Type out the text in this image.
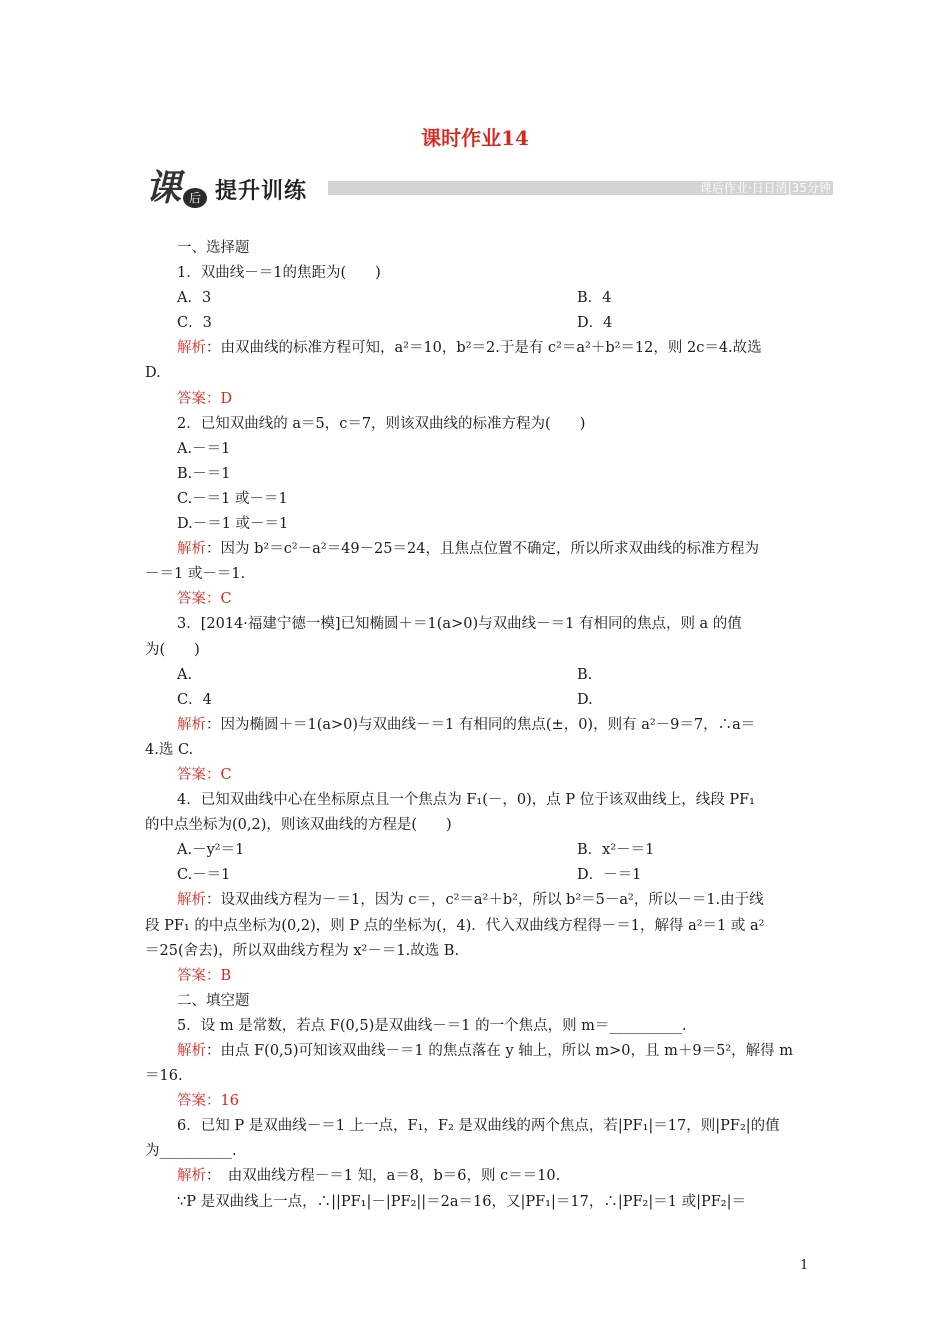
课时作业14
课 后 提升训练	课后作业·日日清|35分钟
一、选择题
1．双曲线－＝1的焦距为(　　)
A．3	B．4
C．3	D．4
解析：由双曲线的标准方程可知，a²＝10，b²＝2.于是有 c²＝a²＋b²＝12，则 2c＝4.故选
D.
答案：D
2．已知双曲线的 a＝5，c＝7，则该双曲线的标准方程为(　　)
A.－＝1
B.－＝1
C.－＝1 或－＝1
D.－＝1 或－＝1
解析：因为 b²＝c²－a²＝49－25＝24，且焦点位置不确定，所以所求双曲线的标准方程为
－＝1 或－＝1.
答案：C
3．[2014·福建宁德一模]已知椭圆＋＝1(a>0)与双曲线－＝1 有相同的焦点，则 a 的值
为(　　)
A.	B.
C．4	D.
解析：因为椭圆＋＝1(a>0)与双曲线－＝1 有相同的焦点(±，0)，则有 a²－9＝7，∴a＝
4.选 C.
答案：C
4．已知双曲线中心在坐标原点且一个焦点为 F₁(－，0)，点 P 位于该双曲线上，线段 PF₁
的中点坐标为(0,2)，则该双曲线的方程是(　　)
A.－y²＝1	B．x²－＝1
C.－＝1	D．－＝1
解析：设双曲线方程为－＝1，因为 c＝，c²＝a²＋b²，所以 b²＝5－a²，所以－＝1.由于线
段 PF₁ 的中点坐标为(0,2)，则 P 点的坐标为(，4)．代入双曲线方程得－＝1，解得 a²＝1 或 a²
＝25(舍去)，所以双曲线方程为 x²－＝1.故选 B.
答案：B
二、填空题
5．设 m 是常数，若点 F(0,5)是双曲线－＝1 的一个焦点，则 m＝__________.
解析：由点 F(0,5)可知该双曲线－＝1 的焦点落在 y 轴上，所以 m>0，且 m＋9＝5²，解得 m
＝16.
答案：16
6．已知 P 是双曲线－＝1 上一点，F₁，F₂ 是双曲线的两个焦点，若|PF₁|＝17，则|PF₂|的值
为__________.
解析：　由双曲线方程－＝1 知，a＝8，b＝6，则 c＝＝10.
∵P 是双曲线上一点，∴||PF₁|－|PF₂||＝2a＝16，又|PF₁|＝17，∴|PF₂|＝1 或|PF₂|＝
1
